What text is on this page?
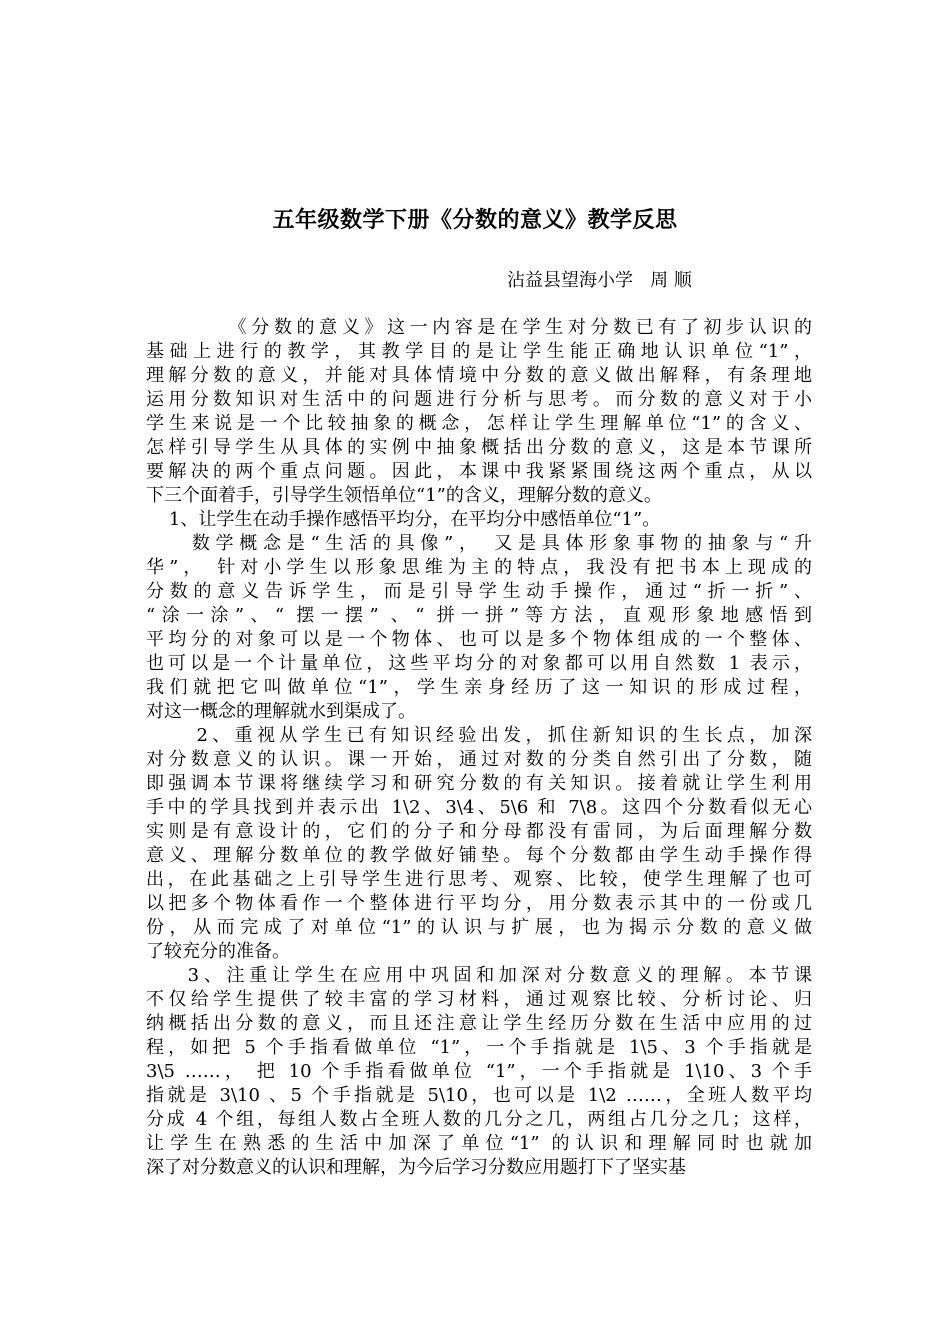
五年级数学下册《分数的意义》教学反思
沾益县望海小学   周 顺
《分数的意义》这一内容是在学生对分数已有了初步认识的
基础上进行的教学，其教学目的是让学生能正确地认识单位“1”，
理解分数的意义，并能对具体情境中分数的意义做出解释，有条理地
运用分数知识对生活中的问题进行分析与思考。而分数的意义对于小
学生来说是一个比较抽象的概念，怎样让学生理解单位“1”的含义、
怎样引导学生从具体的实例中抽象概括出分数的意义，这是本节课所
要解决的两个重点问题。因此，本课中我紧紧围绕这两个重点，从以
下三个面着手，引导学生领悟单位“1”的含义，理解分数的意义。
1、让学生在动手操作感悟平均分，在平均分中感悟单位“1”。
数学概念是“生活的具像”， 又是具体形象事物的抽象与“升
华”， 针对小学生以形象思维为主的特点，我没有把书本上现成的
分数的意义告诉学生，而是引导学生动手操作，通过“折一折”、
“涂一涂”、“ 摆一摆” 、“ 拼一拼”等方法，直观形象地感悟到
平均分的对象可以是一个物体、也可以是多个物体组成的一个整体、
也可以是一个计量单位，这些平均分的对象都可以用自然数 1 表示，
我们就把它叫做单位“1”，学生亲身经历了这一知识的形成过程，
对这一概念的理解就水到渠成了。
2、重视从学生已有知识经验出发，抓住新知识的生长点，加深
对分数意义的认识。课一开始，通过对数的分类自然引出了分数，随
即强调本节课将继续学习和研究分数的有关知识。接着就让学生利用
手中的学具找到并表示出 1\2、3\4、5\6 和 7\8。这四个分数看似无心
实则是有意设计的，它们的分子和分母都没有雷同，为后面理解分数
意义、理解分数单位的教学做好铺垫。每个分数都由学生动手操作得
出，在此基础之上引导学生进行思考、观察、比较，使学生理解了也可
以把多个物体看作一个整体进行平均分，用分数表示其中的一份或几
份，从而完成了对单位“1”的认识与扩展，也为揭示分数的意义做
了较充分的准备。
3、注重让学生在应用中巩固和加深对分数意义的理解。本节课
不仅给学生提供了较丰富的学习材料，通过观察比较、分析讨论、归
纳概括出分数的意义，而且还注意让学生经历分数在生活中应用的过
程，如把 5 个手指看做单位 “1”，一个手指就是 1\5、3 个手指就是
3\5 ……， 把 10 个手指看做单位 “1”，一个手指就是 1\10、3 个手
指就是 3\10 、5 个手指就是 5\10，也可以是 1\2 ……，全班人数平均
分成 4 个组，每组人数占全班人数的几分之几，两组占几分之几；这样，
让学生在熟悉的生活中加深了单位“1” 的认识和理解同时也就加
深了对分数意义的认识和理解，为今后学习分数应用题打下了坚实基
